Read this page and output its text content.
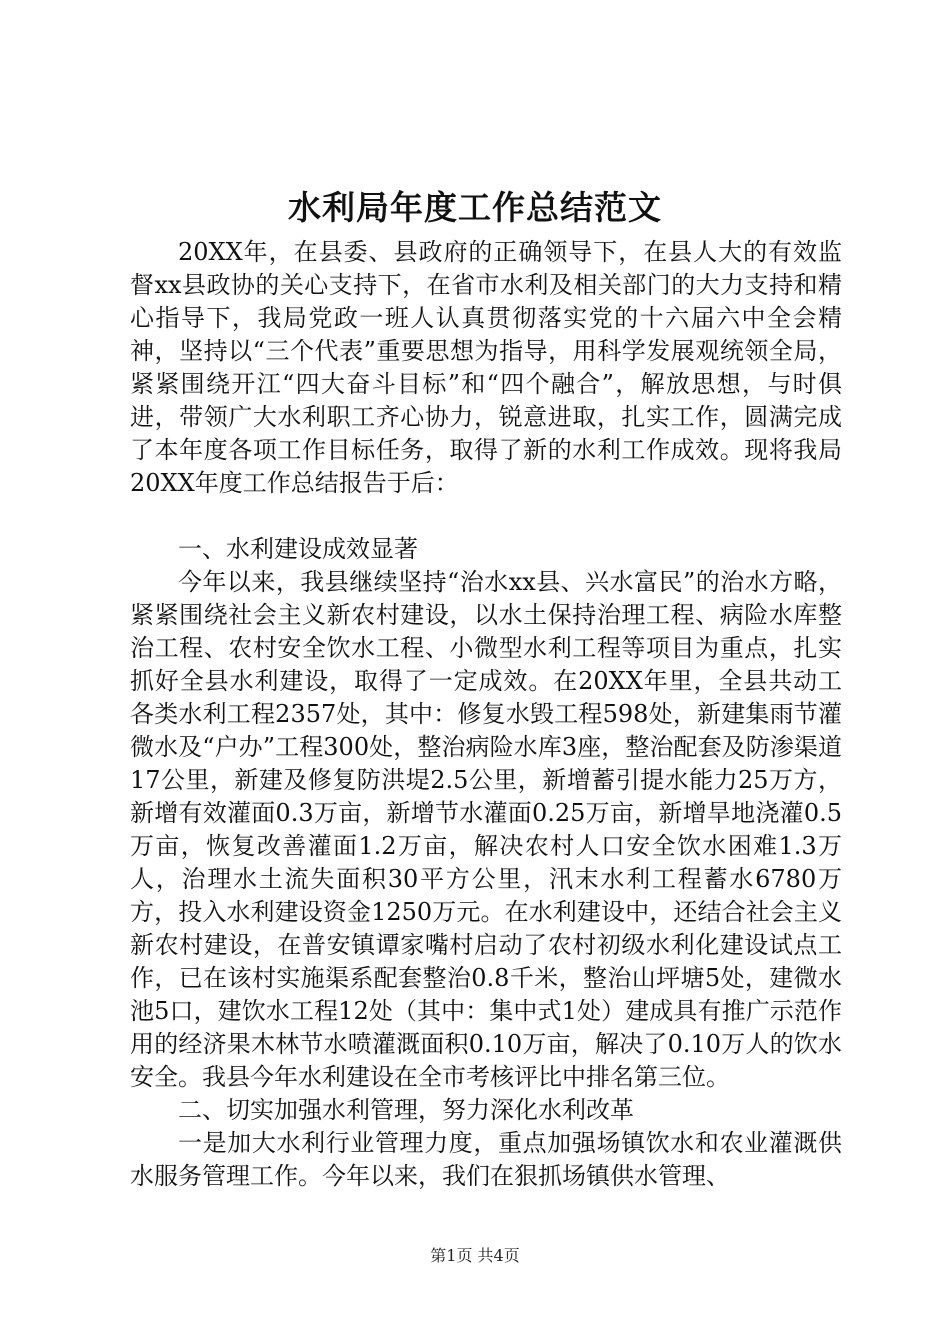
水利局年度工作总结范文

20XX年，在县委、县政府的正确领导下，在县人大的有效监督xx县政协的关心支持下，在省市水利及相关部门的大力支持和精心指导下，我局党政一班人认真贯彻落实党的十六届六中全会精神，坚持以“三个代表”重要思想为指导，用科学发展观统领全局，紧紧围绕开江“四大奋斗目标”和“四个融合”，解放思想，与时俱进，带领广大水利职工齐心协力，锐意进取，扎实工作，圆满完成了本年度各项工作目标任务，取得了新的水利工作成效。现将我局20XX年度工作总结报告于后：

一、水利建设成效显著

今年以来，我县继续坚持“治水xx县、兴水富民”的治水方略，紧紧围绕社会主义新农村建设，以水土保持治理工程、病险水库整治工程、农村安全饮水工程、小微型水利工程等项目为重点，扎实抓好全县水利建设，取得了一定成效。在20XX年里，全县共动工各类水利工程2357处，其中：修复水毁工程598处，新建集雨节灌微水及“户办”工程300处，整治病险水库3座，整治配套及防渗渠道17公里，新建及修复防洪堤2.5公里，新增蓄引提水能力25万方，新增有效灌面0.3万亩，新增节水灌面0.25万亩，新增旱地浇灌0.5万亩，恢复改善灌面1.2万亩，解决农村人口安全饮水困难1.3万人，治理水土流失面积30平方公里，汛末水利工程蓄水6780万方，投入水利建设资金1250万元。在水利建设中，还结合社会主义新农村建设，在普安镇谭家嘴村启动了农村初级水利化建设试点工作，已在该村实施渠系配套整治0.8千米，整治山坪塘5处，建微水池5口，建饮水工程12处（其中：集中式1处）建成具有推广示范作用的经济果木林节水喷灌溉面积0.10万亩，解决了0.10万人的饮水安全。我县今年水利建设在全市考核评比中排名第三位。

二、切实加强水利管理，努力深化水利改革

一是加大水利行业管理力度，重点加强场镇饮水和农业灌溉供水服务管理工作。今年以来，我们在狠抓场镇供水管理、

第1页 共4页
